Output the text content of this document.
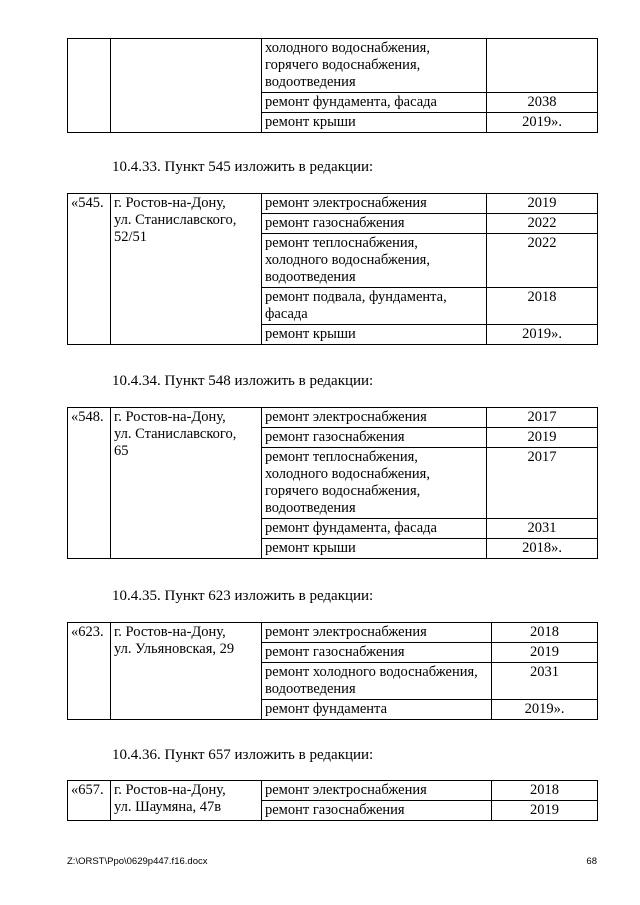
		холодного водоснабжения,
горячего водоснабжения,
водоотведения	
		ремонт фундамента, фасада	2038
		ремонт крыши	2019».
10.4.33. Пункт 545 изложить в редакции:
«545.	г. Ростов-на-Дону,
ул. Станиславского,
52/51	ремонт электроснабжения	2019
		ремонт газоснабжения	2022
		ремонт теплоснабжения,
холодного водоснабжения,
водоотведения	2022
		ремонт подвала, фундамента,
фасада	2018
		ремонт крыши	2019».
10.4.34. Пункт 548 изложить в редакции:
«548.	г. Ростов-на-Дону,
ул. Станиславского,
65	ремонт электроснабжения	2017
		ремонт газоснабжения	2019
		ремонт теплоснабжения,
холодного водоснабжения,
горячего водоснабжения,
водоотведения	2017
		ремонт фундамента, фасада	2031
		ремонт крыши	2018».
10.4.35. Пункт 623 изложить в редакции:
«623.	г. Ростов-на-Дону,
ул. Ульяновская, 29	ремонт электроснабжения	2018
		ремонт газоснабжения	2019
		ремонт холодного водоснабжения,
водоотведения	2031
		ремонт фундамента	2019».
10.4.36. Пункт 657 изложить в редакции:
«657.	г. Ростов-на-Дону,
ул. Шаумяна, 47в	ремонт электроснабжения	2018
		ремонт газоснабжения	2019
Z:\ORST\Ppo\0629p447.f16.docx	68
